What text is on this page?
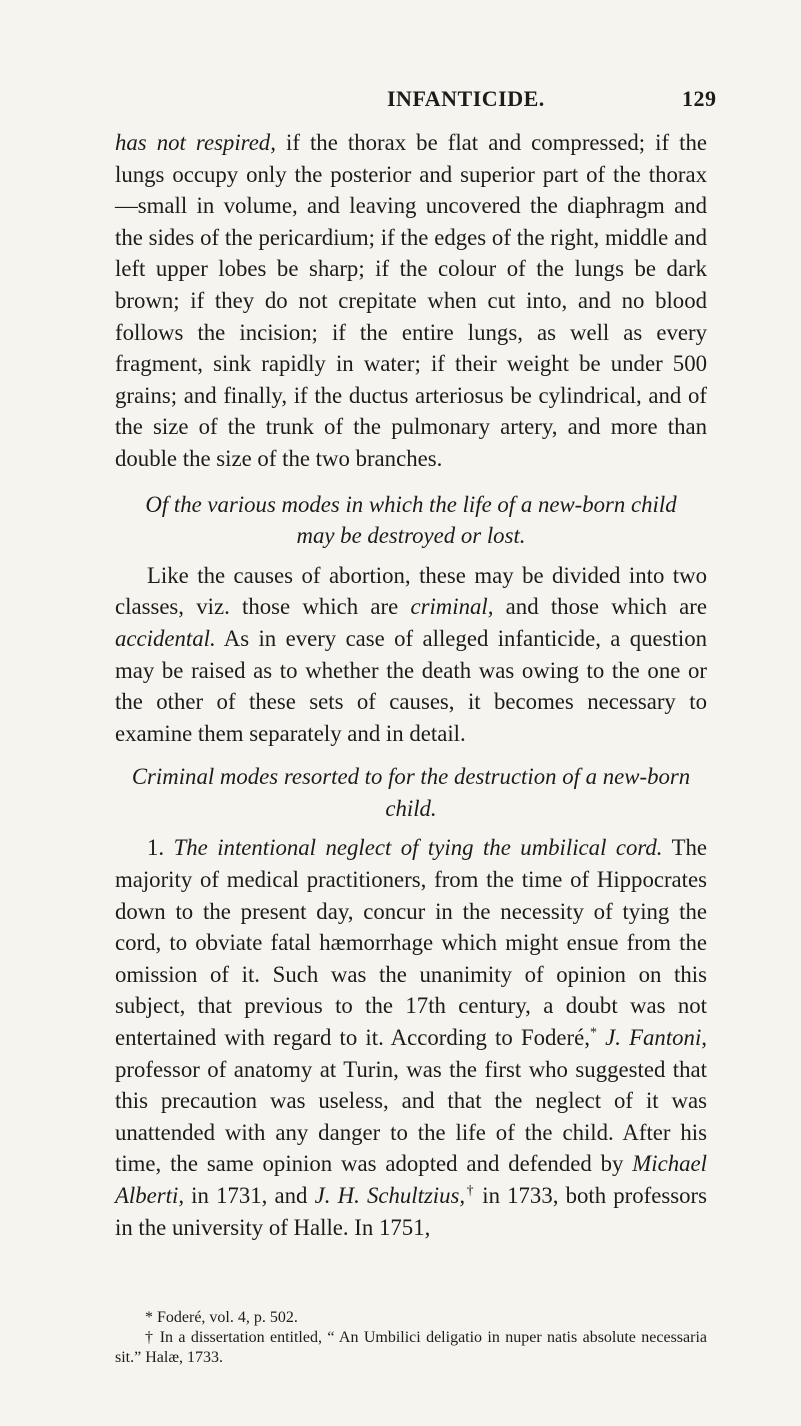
INFANTICIDE.	129

has not respired, if the thorax be flat and compressed; if the lungs occupy only the posterior and superior part of the thorax—small in volume, and leaving uncovered the diaphragm and the sides of the pericardium; if the edges of the right, middle and left upper lobes be sharp; if the colour of the lungs be dark brown; if they do not crepitate when cut into, and no blood follows the incision; if the entire lungs, as well as every fragment, sink rapidly in water; if their weight be under 500 grains; and finally, if the ductus arteriosus be cylindrical, and of the size of the trunk of the pulmonary artery, and more than double the size of the two branches.

Of the various modes in which the life of a new-born child may be destroyed or lost.

Like the causes of abortion, these may be divided into two classes, viz. those which are criminal, and those which are accidental. As in every case of alleged infanticide, a question may be raised as to whether the death was owing to the one or the other of these sets of causes, it becomes necessary to examine them separately and in detail.

Criminal modes resorted to for the destruction of a new-born child.

1. The intentional neglect of tying the umbilical cord. The majority of medical practitioners, from the time of Hippocrates down to the present day, concur in the necessity of tying the cord, to obviate fatal hæmorrhage which might ensue from the omission of it. Such was the unanimity of opinion on this subject, that previous to the 17th century, a doubt was not entertained with regard to it. According to Foderé,* J. Fantoni, professor of anatomy at Turin, was the first who suggested that this precaution was useless, and that the neglect of it was unattended with any danger to the life of the child. After his time, the same opinion was adopted and defended by Michael Alberti, in 1731, and J. H. Schultzius,† in 1733, both professors in the university of Halle. In 1751,

* Foderé, vol. 4, p. 502.

† In a dissertation entitled, “ An Umbilici deligatio in nuper natis absolute necessaria sit.” Halæ, 1733.
